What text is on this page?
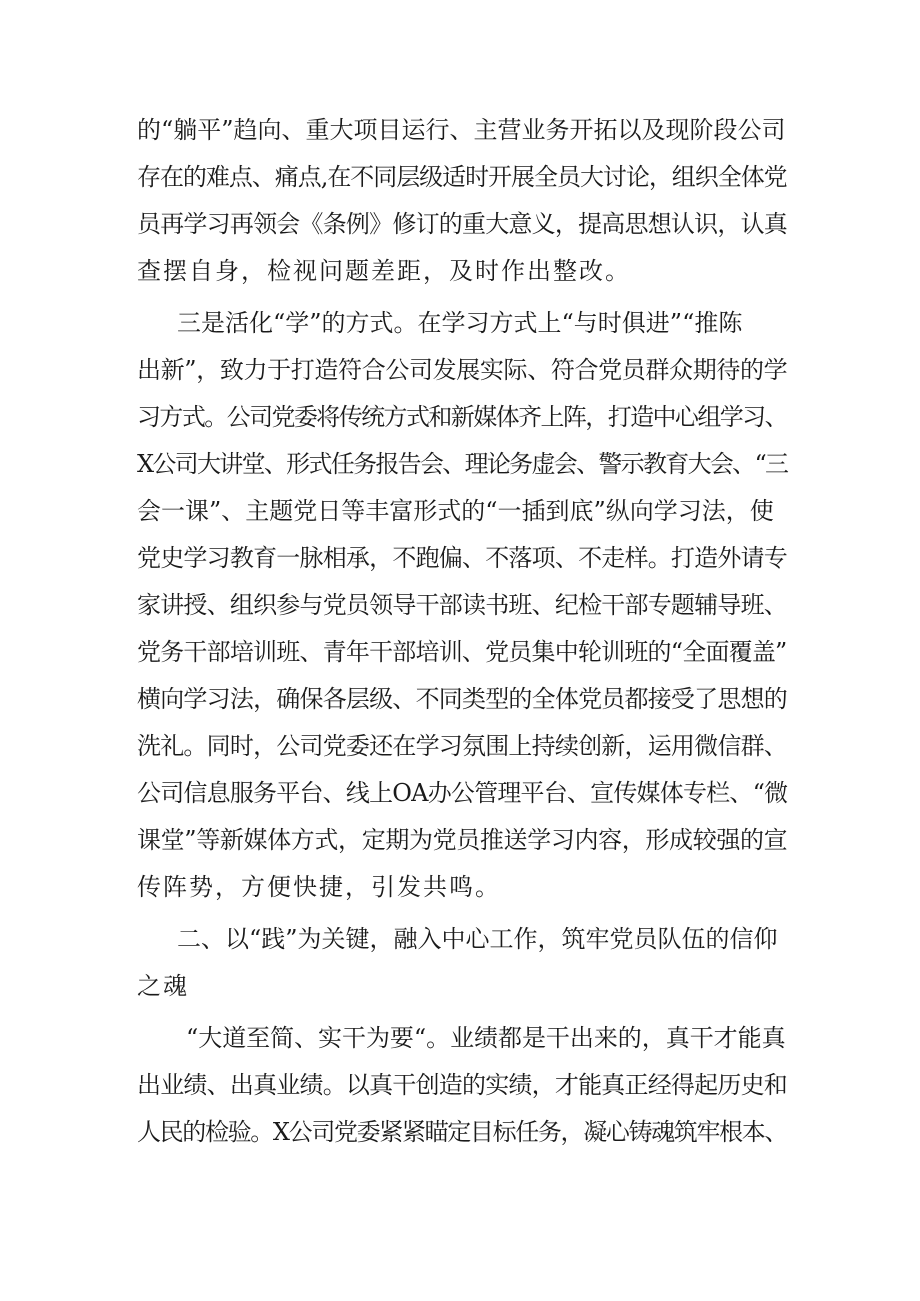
的“躺平”趋向、重大项目运行、主营业务开拓以及现阶段公司
存在的难点、痛点,在不同层级适时开展全员大讨论，组织全体党
员再学习再领会《条例》修订的重大意义，提高思想认识，认真
查摆自身，检视问题差距，及时作出整改。
三是活化“学”的方式。在学习方式上“与时俱进”“推陈
出新”，致力于打造符合公司发展实际、符合党员群众期待的学
习方式。公司党委将传统方式和新媒体齐上阵，打造中心组学习、
X公司大讲堂、形式任务报告会、理论务虚会、警示教育大会、“三
会一课”、主题党日等丰富形式的“一插到底”纵向学习法，使
党史学习教育一脉相承，不跑偏、不落项、不走样。打造外请专
家讲授、组织参与党员领导干部读书班、纪检干部专题辅导班、
党务干部培训班、青年干部培训、党员集中轮训班的“全面覆盖”
横向学习法，确保各层级、不同类型的全体党员都接受了思想的
洗礼。同时，公司党委还在学习氛围上持续创新，运用微信群、
公司信息服务平台、线上OA办公管理平台、宣传媒体专栏、“微
课堂”等新媒体方式，定期为党员推送学习内容，形成较强的宣
传阵势，方便快捷，引发共鸣。
二、以“践”为关键，融入中心工作，筑牢党员队伍的信仰
之魂
“大道至简、实干为要“。业绩都是干出来的，真干才能真
出业绩、出真业绩。以真干创造的实绩，才能真正经得起历史和
人民的检验。X公司党委紧紧瞄定目标任务，凝心铸魂筑牢根本、
